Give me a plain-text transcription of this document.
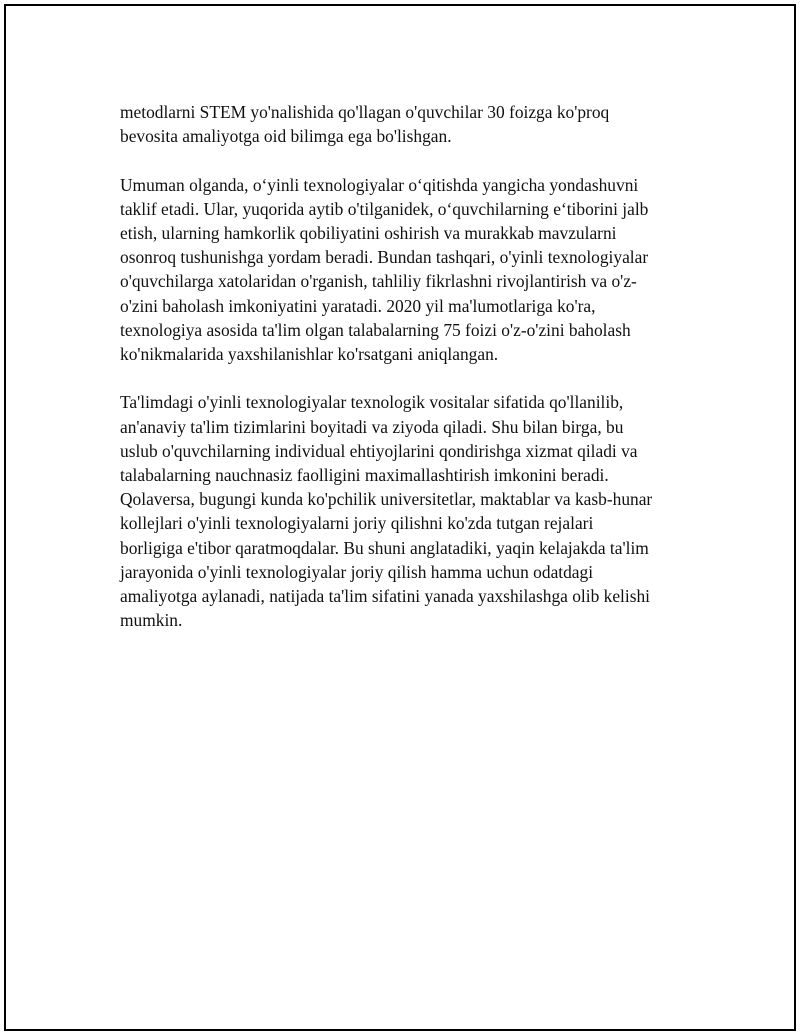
metodlarni STEM yo'nalishida qo'llagan o'quvchilar 30 foizga ko'proq
bevosita amaliyotga oid bilimga ega bo'lishgan.

Umuman olganda, o‘yinli texnologiyalar o‘qitishda yangicha yondashuvni
taklif etadi. Ular, yuqorida aytib o'tilganidek, o‘quvchilarning e‘tiborini jalb
etish, ularning hamkorlik qobiliyatini oshirish va murakkab mavzularni
osonroq tushunishga yordam beradi. Bundan tashqari, o'yinli texnologiyalar
o'quvchilarga xatolaridan o'rganish, tahliliy fikrlashni rivojlantirish va o'z-
o'zini baholash imkoniyatini yaratadi. 2020 yil ma'lumotlariga ko'ra,
texnologiya asosida ta'lim olgan talabalarning 75 foizi o'z-o'zini baholash
ko'nikmalarida yaxshilanishlar ko'rsatgani aniqlangan.

Ta'limdagi o'yinli texnologiyalar texnologik vositalar sifatida qo'llanilib,
an'anaviy ta'lim tizimlarini boyitadi va ziyoda qiladi. Shu bilan birga, bu
uslub o'quvchilarning individual ehtiyojlarini qondirishga xizmat qiladi va
talabalarning nauchnasiz faolligini maximallashtirish imkonini beradi.
Qolaversa, bugungi kunda ko'pchilik universitetlar, maktablar va kasb-hunar
kollejlari o'yinli texnologiyalarni joriy qilishni ko'zda tutgan rejalari
borligiga e'tibor qaratmoqdalar. Bu shuni anglatadiki, yaqin kelajakda ta'lim
jarayonida o'yinli texnologiyalar joriy qilish hamma uchun odatdagi
amaliyotga aylanadi, natijada ta'lim sifatini yanada yaxshilashga olib kelishi
mumkin.
